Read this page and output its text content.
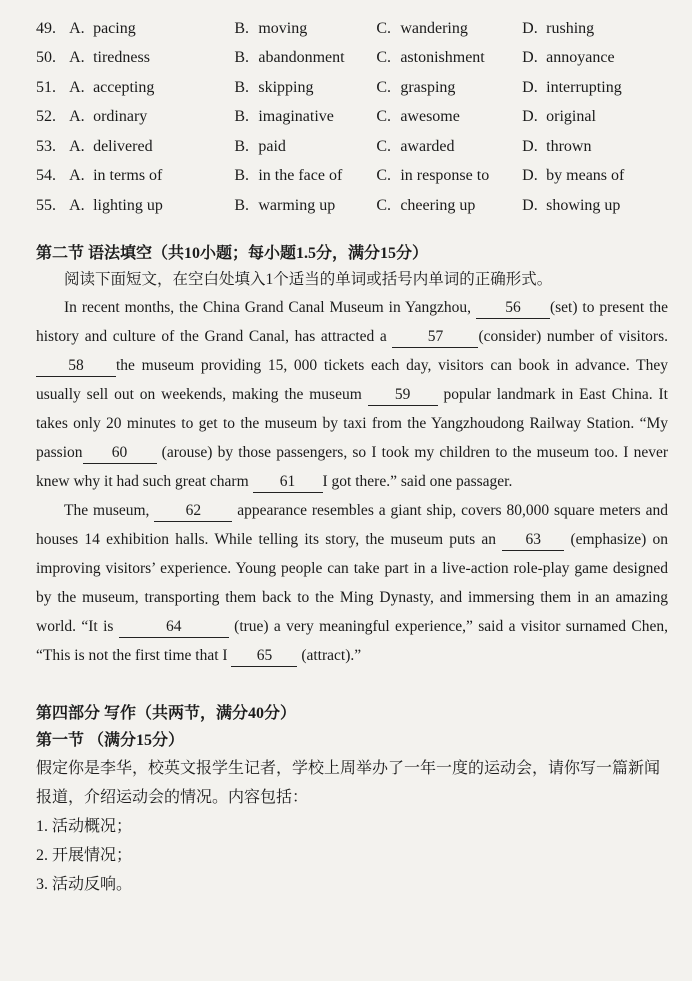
49. A. pacing	B. moving	C. wandering	D. rushing
50. A. tiredness	B. abandonment	C. astonishment	D. annoyance
51. A. accepting	B. skipping	C. grasping	D. interrupting
52. A. ordinary	B. imaginative	C. awesome	D. original
53. A. delivered	B. paid	C. awarded	D. thrown
54. A. in terms of	B. in the face of	C. in response to	D. by means of
55. A. lighting up	B. warming up	C. cheering up	D. showing up
第二节 语法填空（共10小题；每小题1.5分，满分15分）
阅读下面短文，在空白处填入1个适当的单词或括号内单词的正确形式。

In recent months, the China Grand Canal Museum in Yangzhou, 56 (set) to present the history and culture of the Grand Canal, has attracted a 57 (consider) number of visitors.58 the museum providing 15, 000 tickets each day, visitors can book in advance. They usually sell out on weekends, making the museum 59 popular landmark in East China. It takes only 20 minutes to get to the museum by taxi from the Yangzhoudong Railway Station. “My passion 60 (arouse) by those passengers, so I took my children to the museum too. I never knew why it had such great charm 61 I got there.” said one passager.

The museum, 62 appearance resembles a giant ship, covers 80,000 square meters and houses 14 exhibition halls. While telling its story, the museum puts an 63 (emphasize) on improving visitors’ experience. Young people can take part in a live-action role-play game designed by the museum, transporting them back to the Ming Dynasty, and immersing them in an amazing world. “It is	64	(true) a very meaningful experience,” said a visitor surnamed Chen, “This is not the first time that I 65 (attract).”

第四部分 写作（共两节，满分40分）
第一节 （满分15分）

假定你是李华，校英文报学生记者，学校上周举办了一年一度的运动会，请你写一篇新闻报道，介绍运动会的情况。内容包括：

1. 活动概况；
2. 开展情况；
3. 活动反响。
